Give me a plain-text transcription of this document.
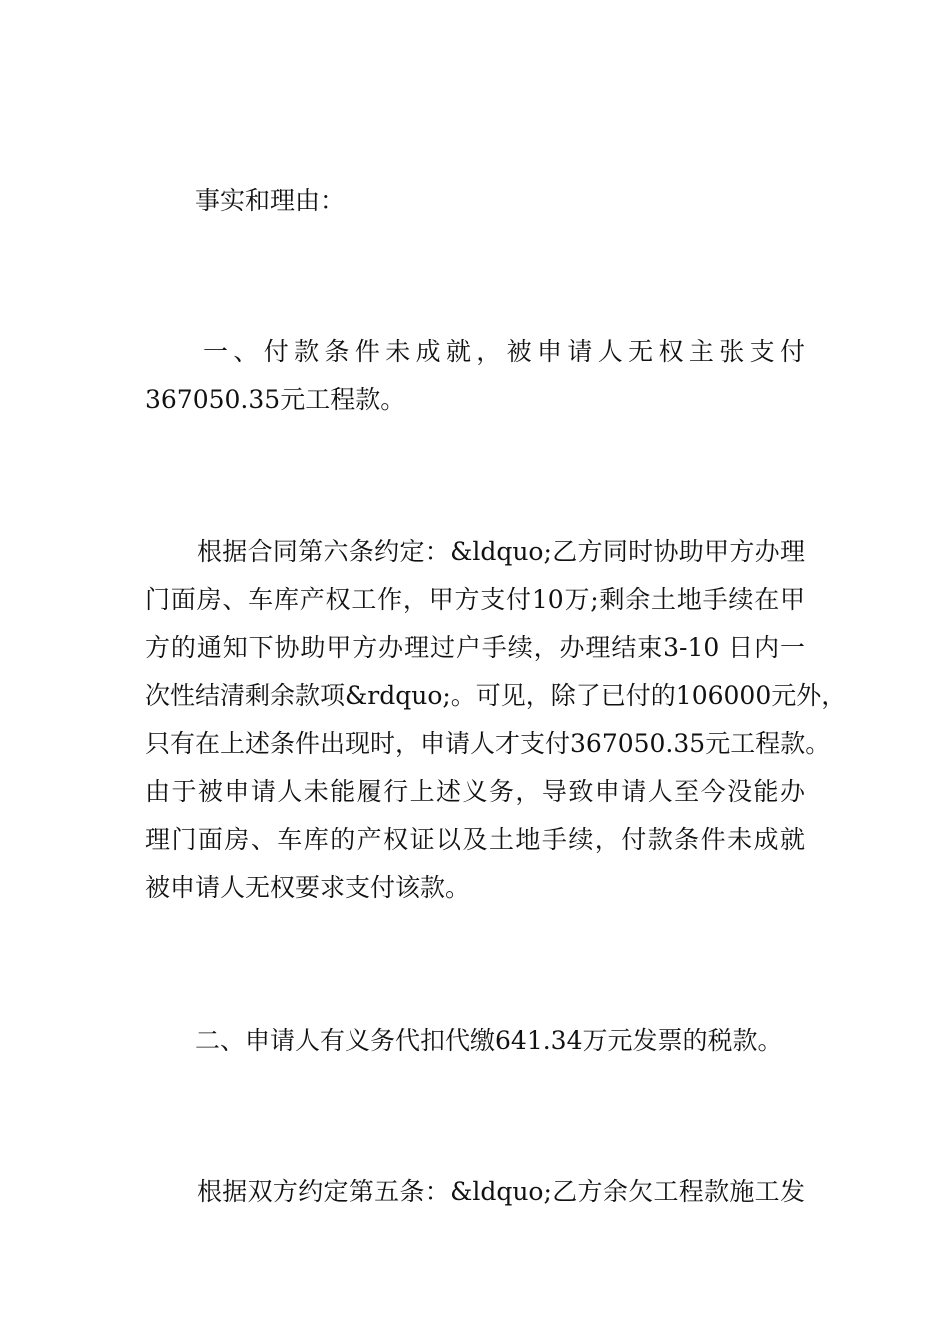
事实和理由：
一、付款条件未成就，被申请人无权主张支付
367050.35元工程款。
根据合同第六条约定：&ldquo;乙方同时协助甲方办理
门面房、车库产权工作，甲方支付10万;剩余土地手续在甲
方的通知下协助甲方办理过户手续，办理结束3-10 日内一
次性结清剩余款项&rdquo;。可见，除了已付的106000元外，
只有在上述条件出现时，申请人才支付367050.35元工程款。
由于被申请人未能履行上述义务，导致申请人至今没能办
理门面房、车库的产权证以及土地手续，付款条件未成就
被申请人无权要求支付该款。
二、申请人有义务代扣代缴641.34万元发票的税款。
根据双方约定第五条：&ldquo;乙方余欠工程款施工发
